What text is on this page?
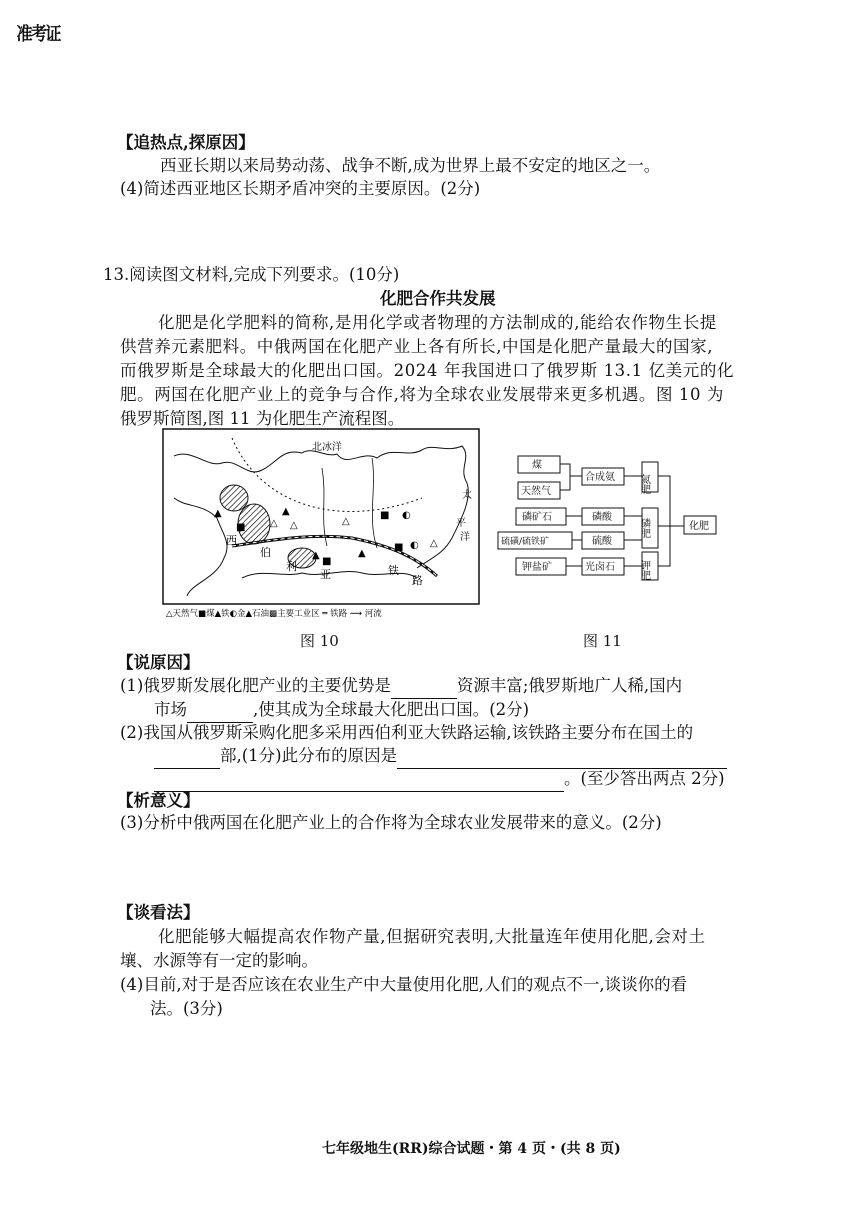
准考证
【追热点,探原因】
西亚长期以来局势动荡、战争不断,成为世界上最不安定的地区之一。
(4)简述西亚地区长期矛盾冲突的主要原因。(2分)
13.阅读图文材料,完成下列要求。(10分)
化肥合作共发展
化肥是化学肥料的简称,是用化学或者物理的方法制成的,能给农作物生长提
供营养元素肥料。中俄两国在化肥产业上各有所长,中国是化肥产量最大的国家,
而俄罗斯是全球最大的化肥出口国。2024 年我国进口了俄罗斯 13.1 亿美元的化
肥。两国在化肥产业上的竞争与合作,将为全球农业发展带来更多机遇。图 10 为
俄罗斯简图,图 11 为化肥生产流程图。
▲
■ △ △
▲
▲
△
■ ◐
■ ◐
▲
■
△
北冰洋
太
平
洋
西
伯
利
亚	铁
路
△天然气■煤▲铁◐金▲石油▩主要工业区 ═ 铁路 ⟿ 河流
图 10
煤
天然气
磷矿石
硫磺/硫铁矿
钾盐矿
合成氨
磷酸
硫酸
光卤石
氮肥
磷肥
钾肥
化肥
图 11
【说原因】
(1)俄罗斯发展化肥产业的主要优势是	资源丰富;俄罗斯地广人稀,国内
市场	,使其成为全球最大化肥出口国。(2分)
(2)我国从俄罗斯采购化肥多采用西伯利亚大铁路运输,该铁路主要分布在国土的
部,(1分)此分布的原因是
。(至少答出两点 2分)
【析意义】
(3)分析中俄两国在化肥产业上的合作将为全球农业发展带来的意义。(2分)
【谈看法】
化肥能够大幅提高农作物产量,但据研究表明,大批量连年使用化肥,会对土
壤、水源等有一定的影响。
(4)目前,对于是否应该在农业生产中大量使用化肥,人们的观点不一,谈谈你的看
法。(3分)
七年级地生(RR)综合试题・第 4 页・(共 8 页)
